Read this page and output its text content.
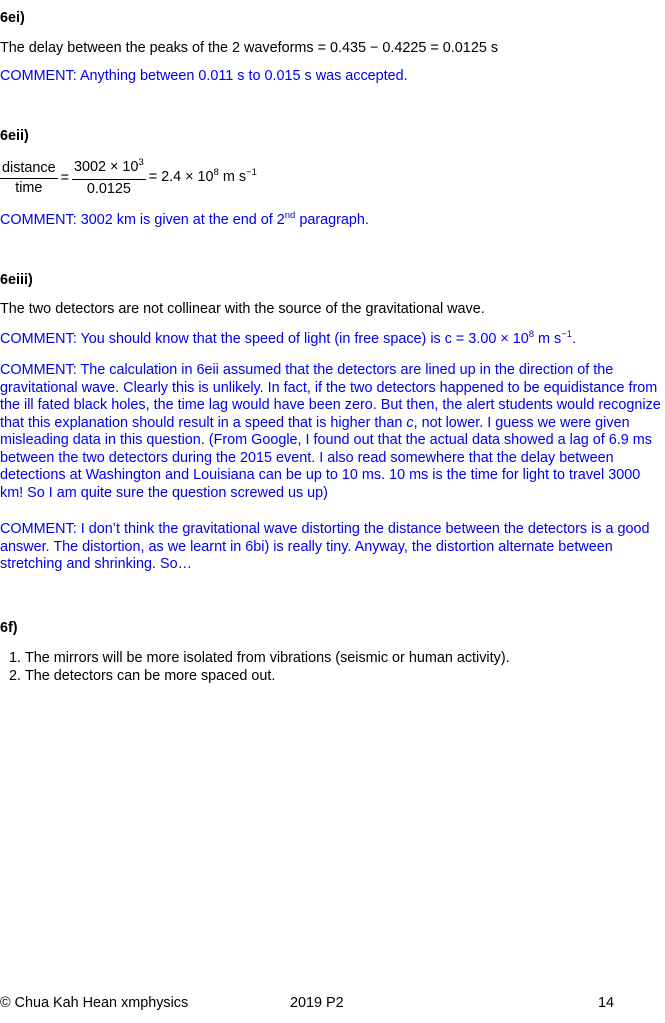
6ei)

The delay between the peaks of the 2 waveforms = 0.435 − 0.4225 = 0.0125 s

COMMENT: Anything between 0.011 s to 0.015 s was accepted.

6eii)

$\frac{\text{distance}}{\text{time}} = \frac{3002 \times 10^3}{0.0125} = 2.4 \times 10^8$ m $s^{-1}$

COMMENT: 3002 km is given at the end of 2nd paragraph.

6eiii)

The two detectors are not collinear with the source of the gravitational wave.

COMMENT: You should know that the speed of light (in free space) is $c = 3.00 \times 10^8$ m $s^{-1}$.

COMMENT: The calculation in 6eii assumed that the detectors are lined up in the direction of the gravitational wave. Clearly this is unlikely. In fact, if the two detectors happened to be equidistance from the ill fated black holes, the time lag would have been zero. But then, the alert students would recognize that this explanation should result in a speed that is higher than c, not lower. I guess we were given misleading data in this question. (From Google, I found out that the actual data showed a lag of 6.9 ms between the two detectors during the 2015 event. I also read somewhere that the delay between detections at Washington and Louisiana can be up to 10 ms. 10 ms is the time for light to travel 3000 km! So I am quite sure the question screwed us up)

COMMENT: I don’t think the gravitational wave distorting the distance between the detectors is a good answer. The distortion, as we learnt in 6bi) is really tiny. Anyway, the distortion alternate between stretching and shrinking. So…

6f)

1. The mirrors will be more isolated from vibrations (seismic or human activity).
2. The detectors can be more spaced out.
© Chua Kah Hean xmphysics	2019 P2	14
